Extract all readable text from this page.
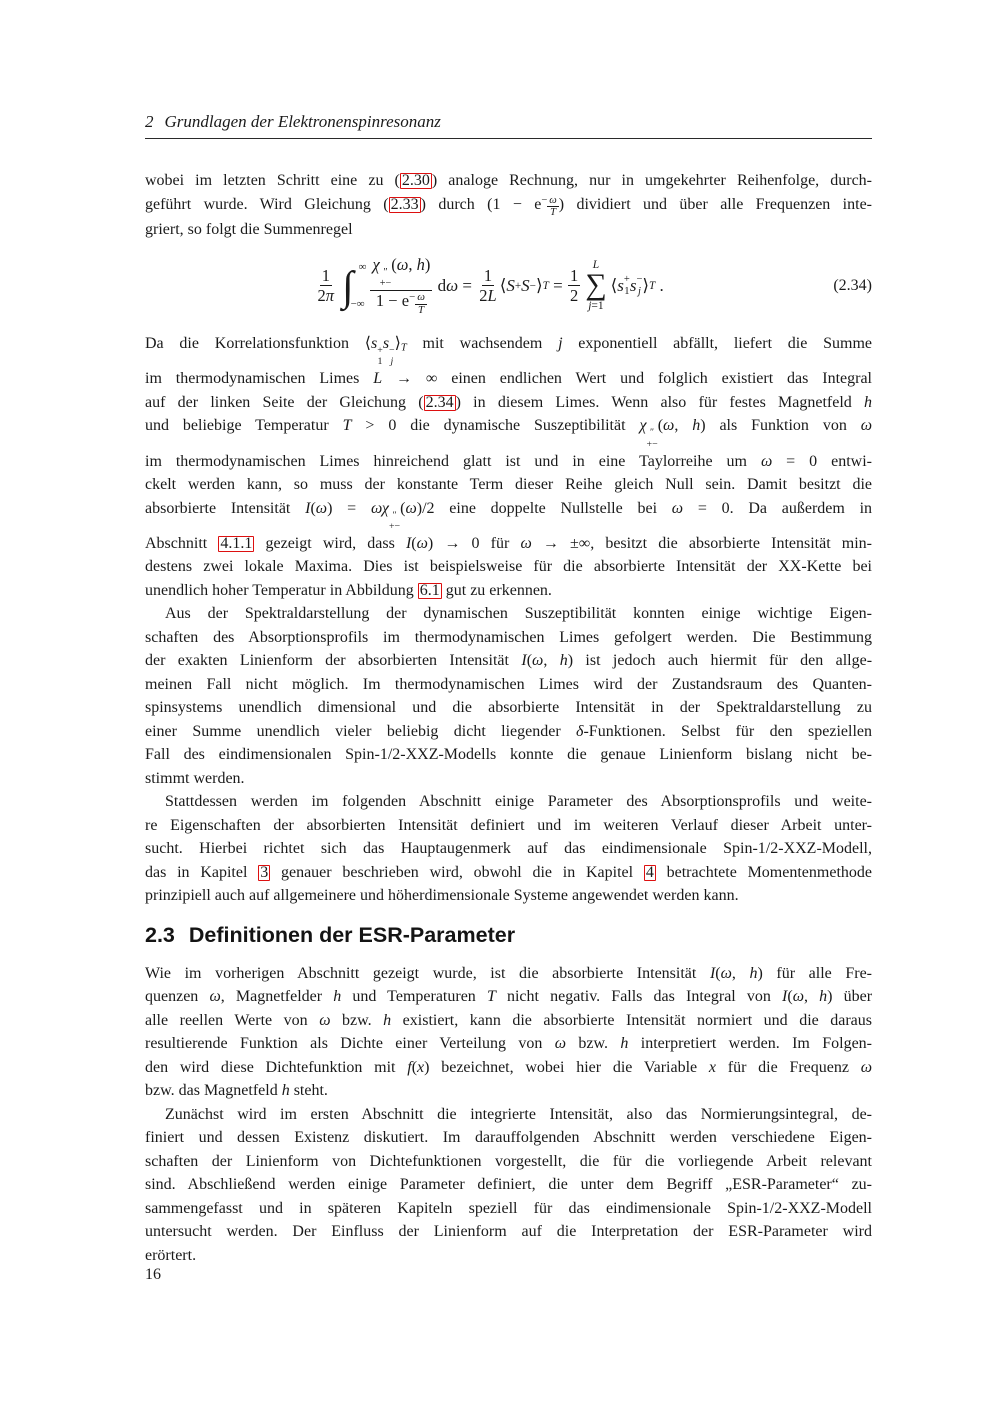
2 Grundlagen der Elektronenspinresonanz
wobei im letzten Schritt eine zu ( 2.30 ) analoge Rechnung, nur in umgekehrter Reihenfolge, durch-
geführt wurde. Wird Gleichung ( 2.33 ) durch ($1 - e - \frac{\omega}{T}$ ) dividiert und über alle Frequenzen inte-
griert, so folgt die Summenregel
$\frac{1}{2\pi}$ ∫ ∞
−∞ χ ″
+−
(ω, h)
$1 - e - \frac{\omega}{T}$ d $\omega = \frac{1}{2L}$ ⟨ S + S − ⟩ $T = \frac{1}{2}$
L
∑
j=1
⟨ s +
1 s −
j ⟩ T .	(2.34)
Da die Korrelationsfunktion ⟨s +
1
s −
j
$⟩_T$ mit wachsendem j exponentiell abfällt, liefert die Summe
im thermodynamischen Limes L → ∞ einen endlichen Wert und folglich existiert das Integral
auf der linken Seite der Gleichung ( 2.34 ) in diesem Limes. Wenn also für festes Magnetfeld h
und beliebige Temperatur T > 0 die dynamische Suszeptibilität χ ″
+−
(ω, h) als Funktion von ω
im thermodynamischen Limes hinreichend glatt ist und in eine Taylorreihe um ω = 0 entwi-
ckelt werden kann, so muss der konstante Term dieser Reihe gleich Null sein. Damit besitzt die
absorbierte Intensität I(ω) = ωχ ″
+−
(ω)/2 eine doppelte Nullstelle bei ω = 0. Da außerdem in
Abschnitt 4.1.1 gezeigt wird, dass I(ω) → 0 für ω → ±∞, besitzt die absorbierte Intensität min-
destens zwei lokale Maxima. Dies ist beispielsweise für die absorbierte Intensität der XX-Kette bei
unendlich hoher Temperatur in Abbildung 6.1 gut zu erkennen.
Aus der Spektraldarstellung der dynamischen Suszeptibilität konnten einige wichtige Eigen-
schaften des Absorptionsprofils im thermodynamischen Limes gefolgert werden. Die Bestimmung
der exakten Linienform der absorbierten Intensität I(ω, h) ist jedoch auch hiermit für den allge-
meinen Fall nicht möglich. Im thermodynamischen Limes wird der Zustandsraum des Quanten-
spinsystems unendlich dimensional und die absorbierte Intensität in der Spektraldarstellung zu
einer Summe unendlich vieler beliebig dicht liegender δ-Funktionen. Selbst für den speziellen
Fall des eindimensionalen Spin-1/2-XXZ-Modells konnte die genaue Linienform bislang nicht be-
stimmt werden.
Stattdessen werden im folgenden Abschnitt einige Parameter des Absorptionsprofils und weite-
re Eigenschaften der absorbierten Intensität definiert und im weiteren Verlauf dieser Arbeit unter-
sucht. Hierbei richtet sich das Hauptaugenmerk auf das eindimensionale Spin-1/2-XXZ-Modell,
das in Kapitel 3 genauer beschrieben wird, obwohl die in Kapitel 4 betrachtete Momentenmethode
prinzipiell auch auf allgemeinere und höherdimensionale Systeme angewendet werden kann.
2.3 Definitionen der ESR-Parameter
Wie im vorherigen Abschnitt gezeigt wurde, ist die absorbierte Intensität I(ω, h) für alle Fre-
quenzen ω, Magnetfelder h und Temperaturen T nicht negativ. Falls das Integral von I(ω, h) über
alle reellen Werte von ω bzw. h existiert, kann die absorbierte Intensität normiert und die daraus
resultierende Funktion als Dichte einer Verteilung von ω bzw. h interpretiert werden. Im Folgen-
den wird diese Dichtefunktion mit f(x) bezeichnet, wobei hier die Variable x für die Frequenz ω
bzw. das Magnetfeld h steht.
Zunächst wird im ersten Abschnitt die integrierte Intensität, also das Normierungsintegral, de-
finiert und dessen Existenz diskutiert. Im darauffolgenden Abschnitt werden verschiedene Eigen-
schaften der Linienform von Dichtefunktionen vorgestellt, die für die vorliegende Arbeit relevant
sind. Abschließend werden einige Parameter definiert, die unter dem Begriff „ESR-Parameter“ zu-
sammengefasst und in späteren Kapiteln speziell für das eindimensionale Spin-1/2-XXZ-Modell
untersucht werden. Der Einfluss der Linienform auf die Interpretation der ESR-Parameter wird
erörtert.
16
